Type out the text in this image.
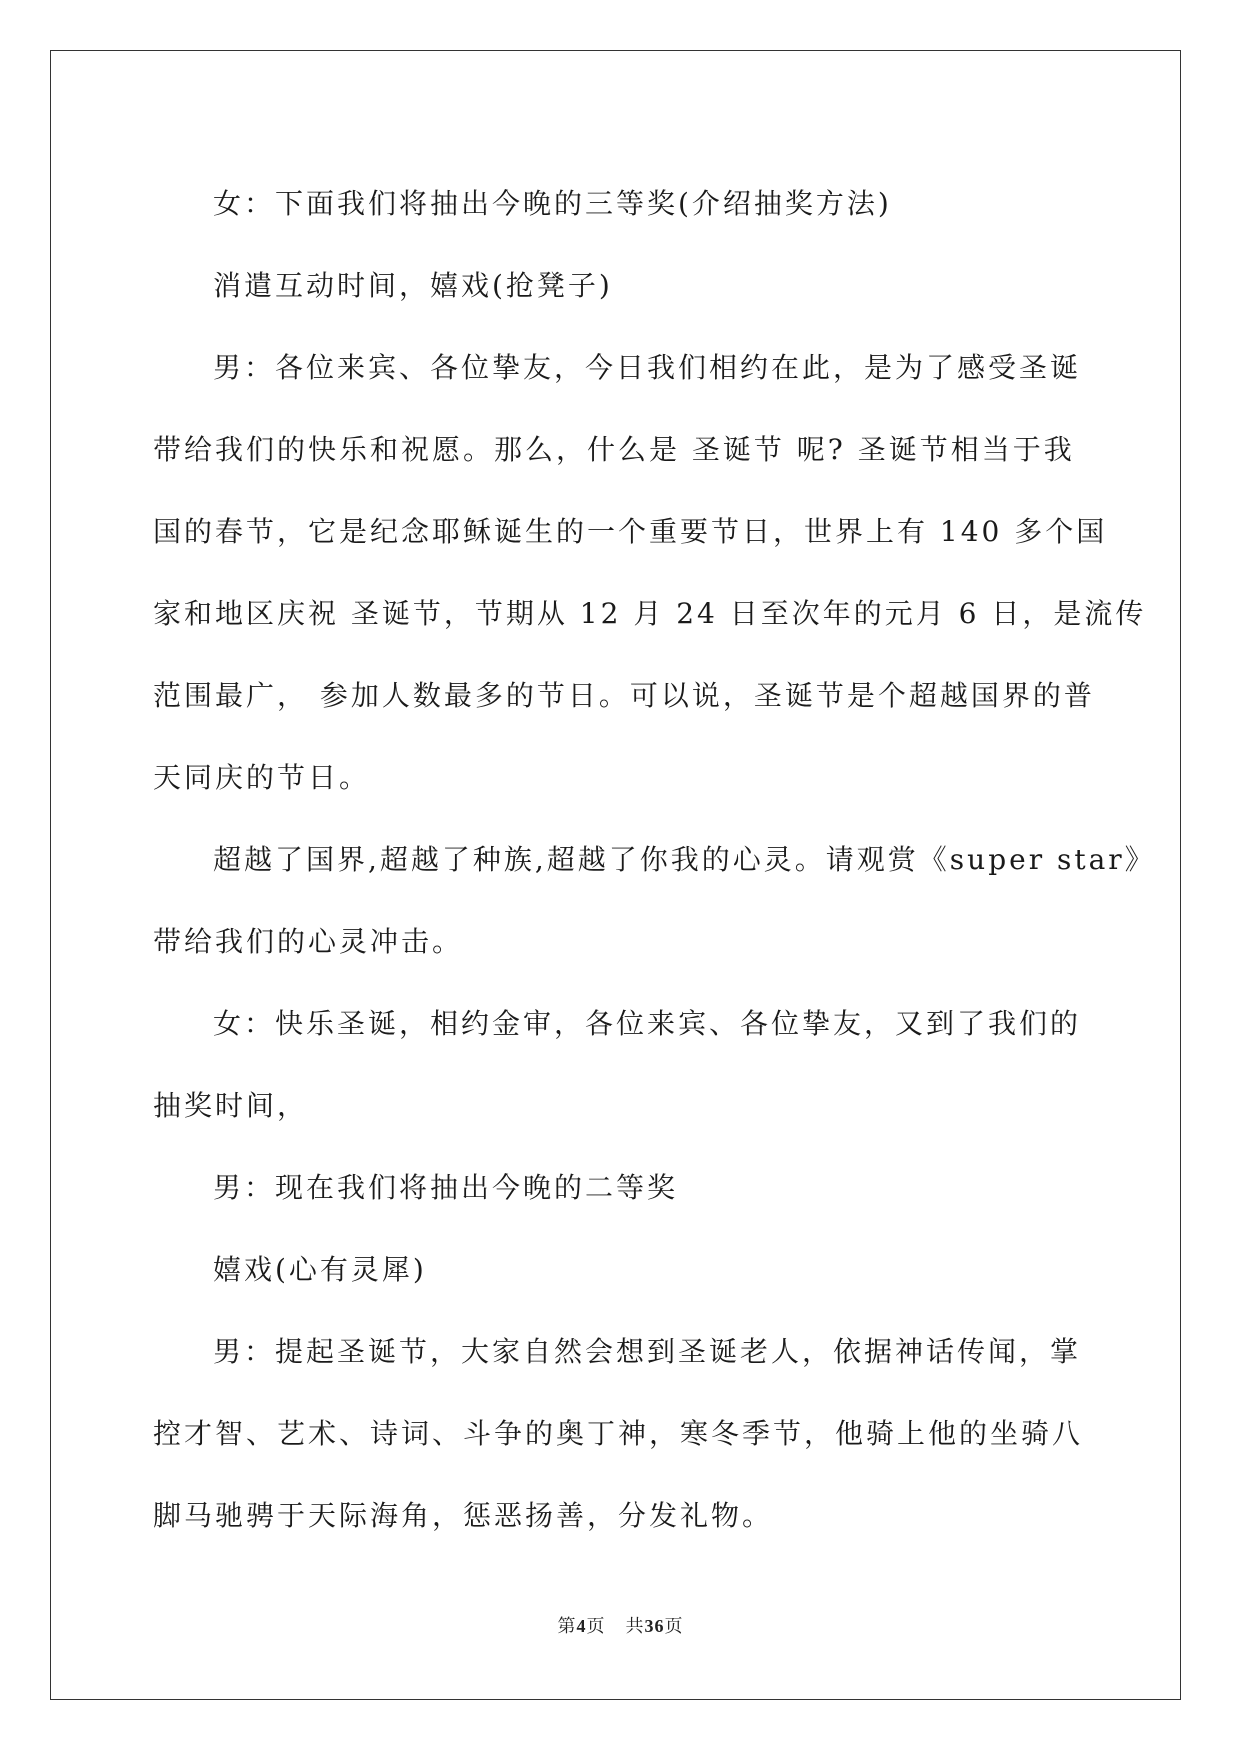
女：下面我们将抽出今晚的三等奖(介绍抽奖方法)

消遣互动时间，嬉戏(抢凳子)

男：各位来宾、各位挚友，今日我们相约在此，是为了感受圣诞

带给我们的快乐和祝愿。那么，什么是 圣诞节 呢? 圣诞节相当于我

国的春节，它是纪念耶稣诞生的一个重要节日，世界上有 140 多个国

家和地区庆祝 圣诞节，节期从 12 月 24 日至次年的元月 6 日，是流传

范围最广， 参加人数最多的节日。可以说，圣诞节是个超越国界的普

天同庆的节日。

超越了国界,超越了种族,超越了你我的心灵。请观赏《super star》

带给我们的心灵冲击。

女：快乐圣诞，相约金审，各位来宾、各位挚友，又到了我们的

抽奖时间，

男：现在我们将抽出今晚的二等奖

嬉戏(心有灵犀)

男：提起圣诞节，大家自然会想到圣诞老人，依据神话传闻，掌

控才智、艺术、诗词、斗争的奥丁神，寒冬季节，他骑上他的坐骑八

脚马驰骋于天际海角，惩恶扬善，分发礼物。

第4页 共36页
